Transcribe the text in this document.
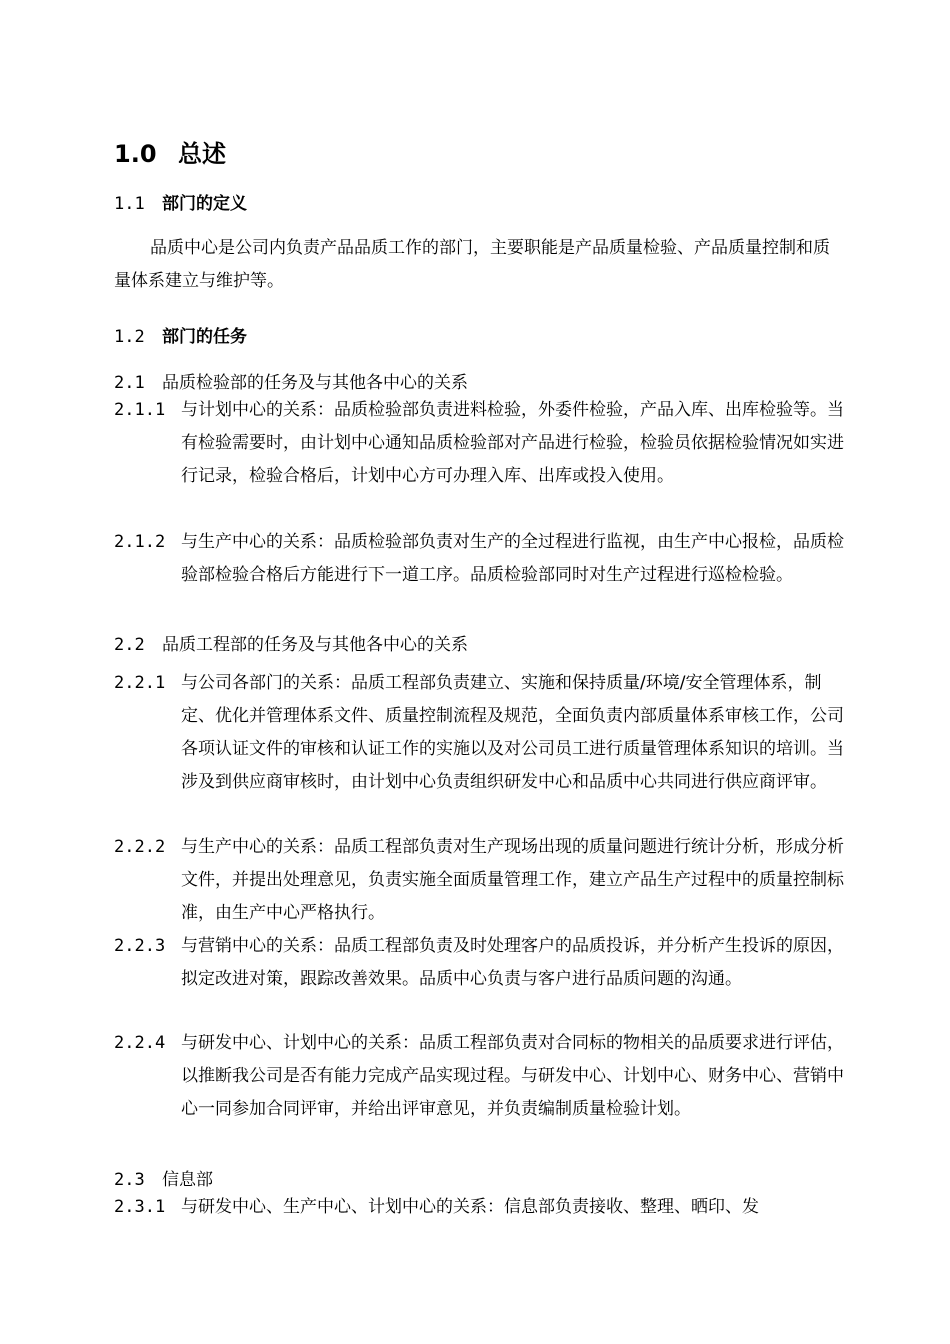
1.0 总述
1.1 部门的定义
品质中心是公司内负责产品品质工作的部门，主要职能是产品质量检验、产品质量控制和质量体系建立与维护等。
1.2 部门的任务
2.1 品质检验部的任务及与其他各中心的关系
2.1.1 与计划中心的关系：品质检验部负责进料检验，外委件检验，产品入库、出库检验等。当有检验需要时，由计划中心通知品质检验部对产品进行检验，检验员依据检验情况如实进行记录，检验合格后，计划中心方可办理入库、出库或投入使用。
2.1.2 与生产中心的关系：品质检验部负责对生产的全过程进行监视，由生产中心报检，品质检验部检验合格后方能进行下一道工序。品质检验部同时对生产过程进行巡检检验。
2.2 品质工程部的任务及与其他各中心的关系
2.2.1 与公司各部门的关系：品质工程部负责建立、实施和保持质量/环境/安全管理体系，制定、优化并管理体系文件、质量控制流程及规范，全面负责内部质量体系审核工作，公司各项认证文件的审核和认证工作的实施以及对公司员工进行质量管理体系知识的培训。当涉及到供应商审核时，由计划中心负责组织研发中心和品质中心共同进行供应商评审。
2.2.2 与生产中心的关系：品质工程部负责对生产现场出现的质量问题进行统计分析，形成分析文件，并提出处理意见，负责实施全面质量管理工作，建立产品生产过程中的质量控制标准，由生产中心严格执行。
2.2.3 与营销中心的关系：品质工程部负责及时处理客户的品质投诉，并分析产生投诉的原因，拟定改进对策，跟踪改善效果。品质中心负责与客户进行品质问题的沟通。
2.2.4 与研发中心、计划中心的关系：品质工程部负责对合同标的物相关的品质要求进行评估，以推断我公司是否有能力完成产品实现过程。与研发中心、计划中心、财务中心、营销中心一同参加合同评审，并给出评审意见，并负责编制质量检验计划。
2.3 信息部
2.3.1 与研发中心、生产中心、计划中心的关系：信息部负责接收、整理、晒印、发
